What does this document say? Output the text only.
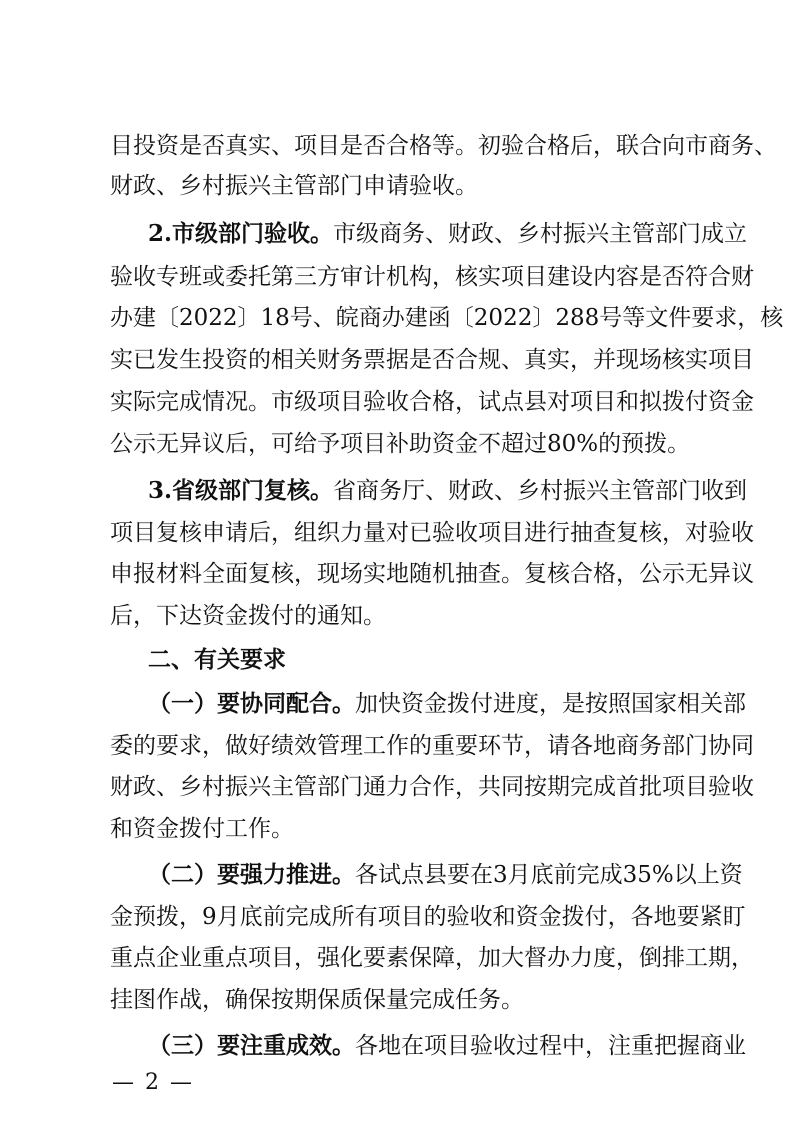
目投资是否真实、项目是否合格等。初验合格后，联合向市商务、
财政、乡村振兴主管部门申请验收。
2.市级部门验收。市级商务、财政、乡村振兴主管部门成立
验收专班或委托第三方审计机构，核实项目建设内容是否符合财
办建〔2022〕18号、皖商办建函〔2022〕288号等文件要求，核
实已发生投资的相关财务票据是否合规、真实，并现场核实项目
实际完成情况。市级项目验收合格，试点县对项目和拟拨付资金
公示无异议后，可给予项目补助资金不超过80%的预拨。
3.省级部门复核。省商务厅、财政、乡村振兴主管部门收到
项目复核申请后，组织力量对已验收项目进行抽查复核，对验收
申报材料全面复核，现场实地随机抽查。复核合格，公示无异议
后，下达资金拨付的通知。
二、有关要求
（一）要协同配合。加快资金拨付进度，是按照国家相关部
委的要求，做好绩效管理工作的重要环节，请各地商务部门协同
财政、乡村振兴主管部门通力合作，共同按期完成首批项目验收
和资金拨付工作。
（二）要强力推进。各试点县要在3月底前完成35%以上资
金预拨，9月底前完成所有项目的验收和资金拨付，各地要紧盯
重点企业重点项目，强化要素保障，加大督办力度，倒排工期，
挂图作战，确保按期保质保量完成任务。
（三）要注重成效。各地在项目验收过程中，注重把握商业
— 2 —
